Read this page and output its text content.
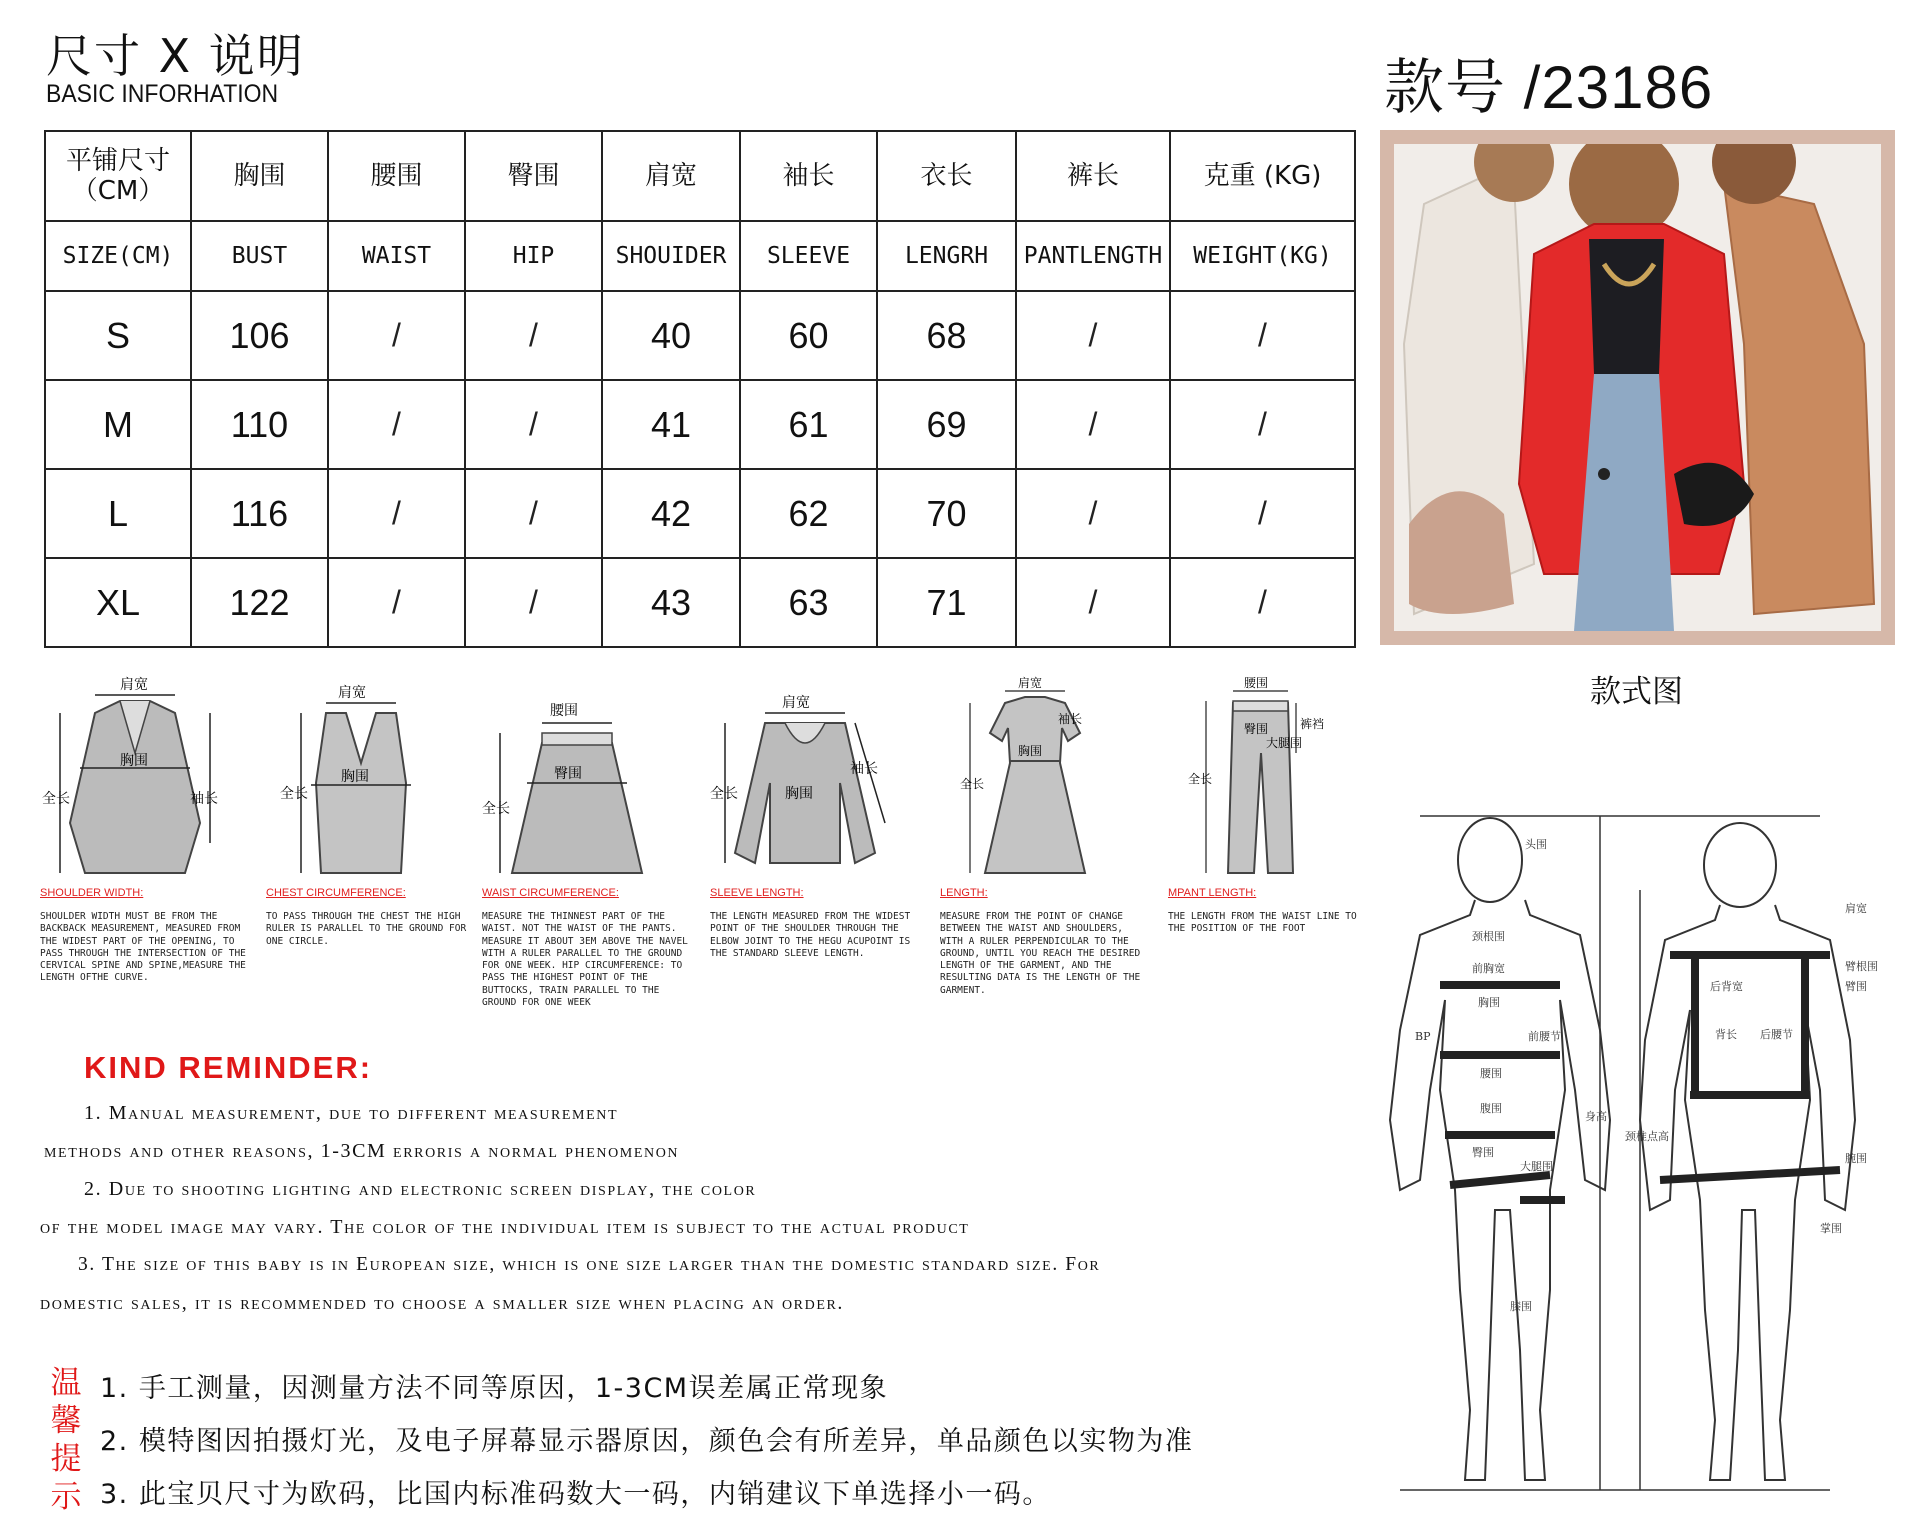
尺寸 X 说明
BASIC INFORHATION	款号 /23186
平铺尺寸（CM）	胸围	腰围	臀围	肩宽	袖长	衣长	裤长	克重 (KG)
SIZE(CM)	BUST	WAIST	HIP	SHOUIDER	SLEEVE	LENGRH	PANTLENGTH	WEIGHT(KG)
S	106	/	/	40	60	68	/	/
M	110	/	/	41	61	69	/	/
L	116	/	/	42	62	70	/	/
XL	122	/	/	43	63	71	/	/
款式图
肩宽
胸围
全长	袖长
SHOULDER WIDTH:
SHOULDER WIDTH MUST BE FROM THE BACKBACK MEASUREMENT, MEASURED FROM THE WIDEST PART OF THE OPENING, TO PASS THROUGH THE INTERSECTION OF THE CERVICAL SPINE AND SPINE,MEASURE THE LENGTH OFTHE CURVE.
肩宽
全长
胸围
CHEST CIRCUMFERENCE:
TO PASS THROUGH THE CHEST THE HIGH RULER IS PARALLEL TO THE GROUND FOR ONE CIRCLE.
腰围
全长
臀围
WAIST CIRCUMFERENCE:
MEASURE THE THINNEST PART OF THE WAIST. NOT THE WAIST OF THE PANTS. MEASURE IT ABOUT 3EM ABOVE THE NAVEL WITH A RULER PARALLEL TO THE GROUND FOR ONE WEEK. HIP CIRCUMFERENCE: TO PASS THE HIGHEST POINT OF THE BUTTOCKS, TRAIN PARALLEL TO THE GROUND FOR ONE WEEK
肩宽
全长	胸围
袖长
SLEEVE LENGTH:
THE LENGTH MEASURED FROM THE WIDEST POINT OF THE SHOULDER THROUGH THE ELBOW JOINT TO THE HEGU ACUPOINT IS THE STANDARD SLEEVE LENGTH.
肩宽
袖长
胸围
全长
LENGTH:
MEASURE FROM THE POINT OF CHANGE BETWEEN THE WAIST AND SHOULDERS, WITH A RULER PERPENDICULAR TO THE GROUND, UNTIL YOU REACH THE DESIRED LENGTH OF THE GARMENT, AND THE RESULTING DATA IS THE LENGTH OF THE GARMENT.
腰围
裤裆
臀围
大腿围
全长
MPANT LENGTH:
THE LENGTH FROM THE WAIST LINE TO THE POSITION OF THE FOOT
KIND REMINDER:
1. Manual measurement, due to different measurement
methods and other reasons, 1-3CM erroris a normal phenomenon
2. Due to shooting lighting and electronic screen display, the color
of the model image may vary. The color of the individual item is subject to the actual product
3. The size of this baby is in European size, which is one size larger than the domestic standard size. For
domestic sales, it is recommended to choose a smaller size when placing an order.
温
馨
提
示
1. 手工测量，因测量方法不同等原因，1-3CM误差属正常现象
2. 模特图因拍摄灯光，及电子屏幕显示器原因，颜色会有所差异，单品颜色以实物为准
3. 此宝贝尺寸为欧码，比国内标准码数大一码，内销建议下单选择小一码。
头围
颈根围
前胸宽
胸围
BP	前腰节
腰围
腹围
臀围
大腿围
膝围
身高
颈椎点高
肩宽
臂根围
臂围
后背宽
背长 后腰节
腕围
掌围
